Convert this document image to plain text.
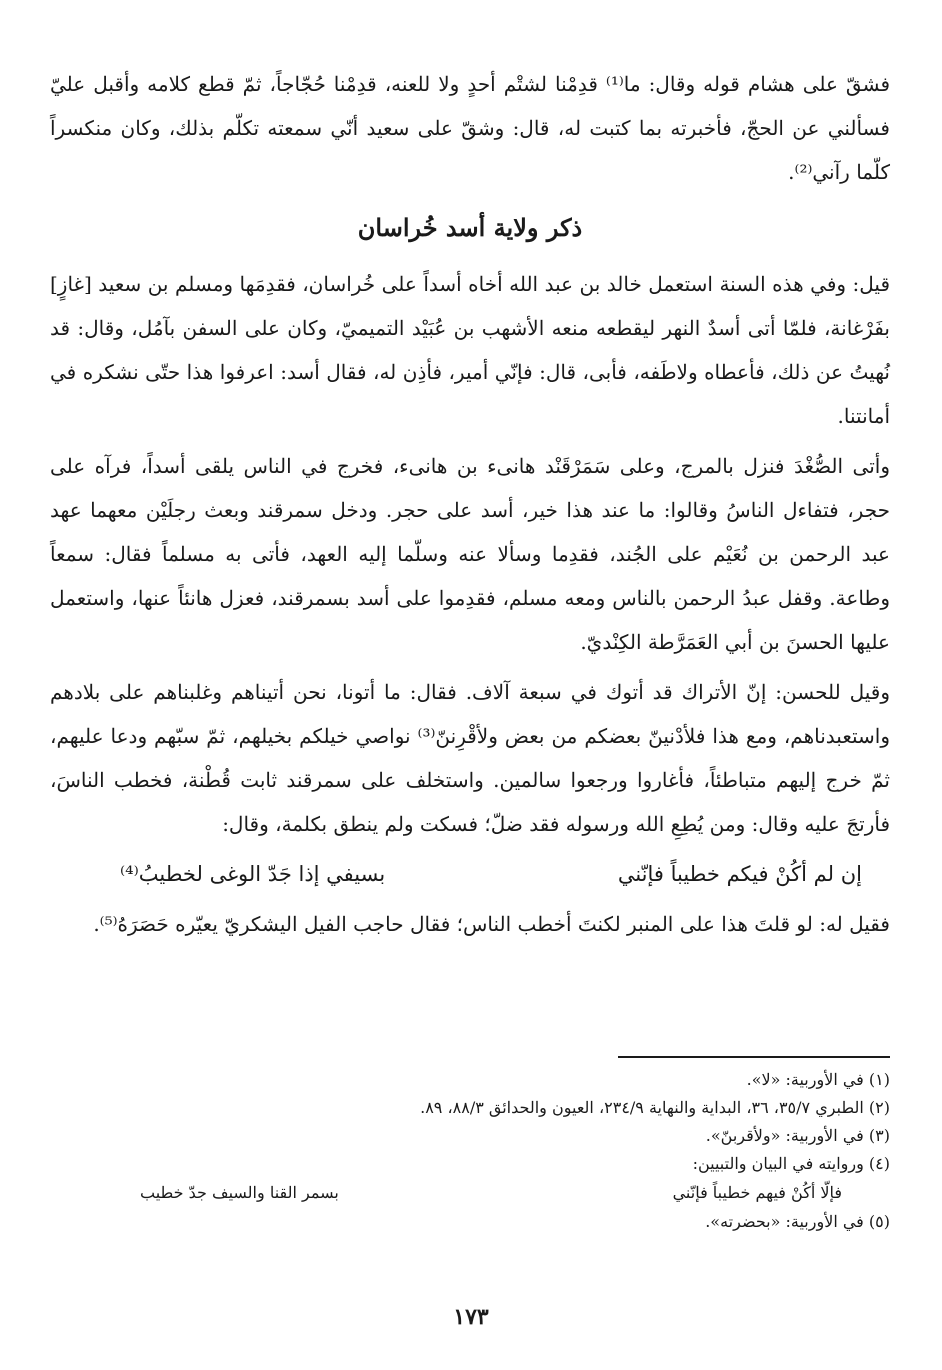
فشقّ على هشام قوله وقال: ما⁽¹⁾ قدِمْنا لشتْم أحدٍ ولا للعنه، قدِمْنا حُجّاجاً، ثمّ قطع كلامه وأقبل عليّ فسألني عن الحجّ، فأخبرته بما كتبت له، قال: وشقّ على سعيد أنّي سمعته تكلّم بذلك، وكان منكسراً كلّما رآني⁽²⁾.

ذكر ولاية أسد خُراسان

قيل: وفي هذه السنة استعمل خالد بن عبد الله أخاه أسداً على خُراسان، فقدِمَها ومسلم بن سعيد [غازٍ] بفَرْغانة، فلمّا أتى أسدٌ النهر ليقطعه منعه الأشهب بن عُبَيْد التميميّ، وكان على السفن بآمُل، وقال: قد نُهيتُ عن ذلك، فأعطاه ولاطَفه، فأبى، قال: فإنّي أمير، فأذِن له، فقال أسد: اعرفوا هذا حتّى نشكره في أمانتنا.

وأتى الصُّغْدَ فنزل بالمرج، وعلى سَمَرْقَنْد هانىء بن هانىء، فخرج في الناس يلقى أسداً، فرآه على حجر، فتفاءل الناسُ وقالوا: ما عند هذا خير، أسد على حجر. ودخل سمرقند وبعث رجلَيْن معهما عهد عبد الرحمن بن نُعَيْم على الجُند، فقدِما وسألا عنه وسلّما إليه العهد، فأتى به مسلماً فقال: سمعاً وطاعة. وقفل عبدُ الرحمن بالناس ومعه مسلم، فقدِموا على أسد بسمرقند، فعزل هانئاً عنها، واستعمل عليها الحسنَ بن أبي العَمَرَّطة الكِنْديّ.

وقيل للحسن: إنّ الأتراك قد أتوك في سبعة آلاف. فقال: ما أتونا، نحن أتيناهم وغلبناهم على بلادهم واستعبدناهم، ومع هذا فلأدْنينّ بعضكم من بعض ولأقْرِننّ⁽³⁾ نواصي خيلكم بخيلهم، ثمّ سبّهم ودعا عليهم، ثمّ خرج إليهم متباطئاً، فأغاروا ورجعوا سالمين. واستخلف على سمرقند ثابت قُطْنة، فخطب الناسَ، فأرتجَ عليه وقال: ومن يُطِعِ الله ورسوله فقد ضلّ؛ فسكت ولم ينطق بكلمة، وقال:

إن لم أكُنْ فيكم خطيباً فإنّني
بسيفي إذا جَدّ الوغى لخطيبُ⁽⁴⁾

فقيل له: لو قلتَ هذا على المنبر لكنتَ أخطب الناس؛ فقال حاجب الفيل اليشكريّ يعيّره حَصَرَهُ⁽⁵⁾.

(١) في الأوربية: «لا».

(٢) الطبري ٣٥/٧، ٣٦، البداية والنهاية ٢٣٤/٩، العيون والحدائق ٨٨/٣، ٨٩.

(٣) في الأوربية: «ولأقربنّ».

(٤) وروايته في البيان والتبيين:

فإلّا أكُنْ فيهم خطيباً فإنّني
بسمر القنا والسيف جدّ خطيب

(٥) في الأوربية: «بحضرته».

١٧٣
